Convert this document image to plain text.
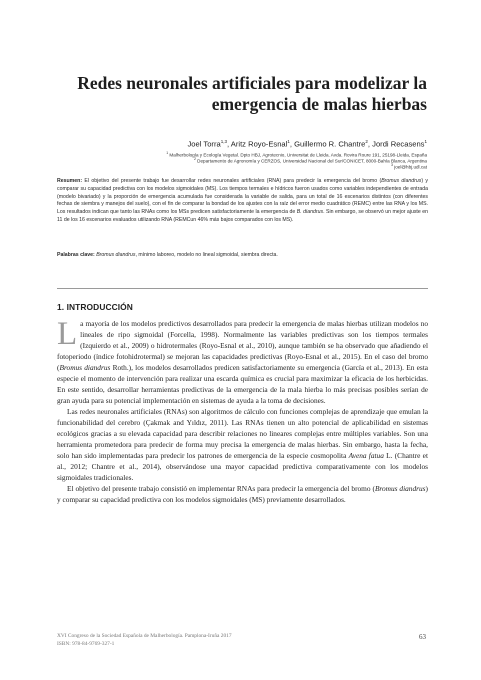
Redes neuronales artificiales para modelizar la
emergencia de malas hierbas
Joel Torra$^{1,3}$, Aritz Royo-Esnal$^1$, Guillermo R. Chantre$^2$, Jordi Recasens$^1$
$^1$ Malherbología y Ecología Vegetal. Dpto HBJ, Agrotecnio, Universitat de Lleida. Avda. Rovira Roure 191, 25198-Lleida, España
$^2$ Departamento de Agronomía y CERZOS, Universidad Nacional del Sur/CONICET, 8000-Bahía Blanca, Argentina
$^3$ joel@hbj.udl.cat

Resumen: El objetivo del presente trabajo fue desarrollar redes neuronales artificiales (RNA) para predecir la emergencia del bromo (Bromus diandrus) y comparar su capacidad predictiva con los modelos sigmoidales (MS). Los tiempos termales e hídricos fueron usados como variables independientes de entrada (modelo bivariado) y la proporción de emergencia acumulada fue considerada la variable de salida, para un total de 16 escenarios distintos (con diferentes fechas de siembra y manejos del suelo), con el fin de comparar la bondad de los ajustes con la raíz del error medio cuadrático (REMC) entre las RNA y los MS. Los resultados indican que tanto las RNAs como los MSs predicen satisfactoriamente la emergencia de B. diandrus. Sin embargo, se observó un mejor ajuste en 11 de los 16 escenarios evaluados utilizando RNA (REMCun 46% más bajos comparados con los MS).

Palabras clave: Bromus diandrus, mínimo laboreo, modelo no lineal sigmoidal, siembra directa.

1. INTRODUCCIÓN

La mayoría de los modelos predictivos desarrollados para predecir la emergencia de malas hierbas utilizan modelos no lineales de ripo sigmoidal (Forcella, 1998). Normalmente las variables predictivas son los tiempos termales (Izquierdo et al., 2009) o hidrotermales (Royo-Esnal et al., 2010), aunque también se ha observado que añadiendo el fotoperiodo (índice fotohidrotermal) se mejoran las capacidades predictivas (Royo-Esnal et al., 2015). En el caso del bromo (Bromus diandrus Roth.), los modelos desarrollados predicen satisfactoriamente su emergencia (García et al., 2013). En esta especie el momento de intervención para realizar una escarda química es crucial para maximizar la eficacia de los herbicidas. En este sentido, desarrollar herramientas predictivas de la emergencia de la mala hierba lo más precisas posibles serían de gran ayuda para su potencial implementación en sistemas de ayuda a la toma de decisiones.

Las redes neuronales artificiales (RNAs) son algoritmos de cálculo con funciones complejas de aprendizaje que emulan la funcionabilidad del cerebro (Çakmak and Yıldız, 2011). Las RNAs tienen un alto potencial de aplicabilidad en sistemas ecológicos gracias a su elevada capacidad para describir relaciones no lineares complejas entre múltiples variables. Son una herramienta prometedora para predecir de forma muy precisa la emergencia de malas hierbas. Sin embargo, hasta la fecha, solo han sido implementadas para predecir los patrones de emergencia de la especie cosmopolita Avena fatua L. (Chantre et al., 2012; Chantre et al., 2014), observándose una mayor capacidad predictiva comparativamente con los modelos sigmoidales tradicionales.

El objetivo del presente trabajo consistió en implementar RNAs para predecir la emergencia del bromo (Bromus diandrus) y comparar su capacidad predictiva con los modelos sigmoidales (MS) previamente desarrollados.

XVI Congreso de la Sociedad Española de Malherbología. Pamplona-Iruña 2017
ISBN: 978-84-9769-327-1
63
